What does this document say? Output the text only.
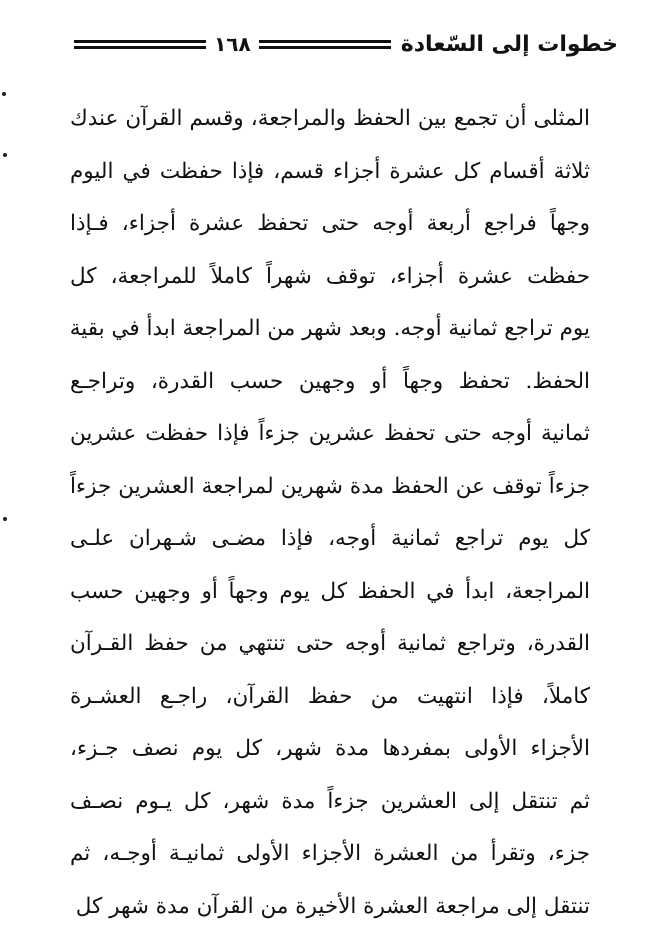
خطوات إلى السّعادة
١٦٨
المثلى أن تجمع بين الحفظ والمراجعة، وقسم القرآن عندك
ثلاثة أقسام كل عشرة أجزاء قسم، فإذا حفظت في اليوم
وجهاً فراجع أربعة أوجه حتى تحفظ عشرة أجزاء، فـإذا
حفظت عشرة أجزاء، توقف شهراً كاملاً للمراجعة، كل
يوم تراجع ثمانية أوجه. وبعد شهر من المراجعة ابدأ في بقية
الحفظ. تحفظ وجهاً أو وجهين حسب القدرة، وتراجـع
ثمانية أوجه حتى تحفظ عشرين جزءاً فإذا حفظت عشرين
جزءاً توقف عن الحفظ مدة شهرين لمراجعة العشرين جزءاً
كل يوم تراجع ثمانية أوجه، فإذا مضـى شـهران علـى
المراجعة، ابدأ في الحفظ كل يوم وجهاً أو وجهين حسب
القدرة، وتراجع ثمانية أوجه حتى تنتهي من حفظ القـرآن
كاملاً، فإذا انتهيت من حفظ القرآن، راجـع العشـرة
الأجزاء الأولى بمفردها مدة شهر، كل يوم نصف جـزء،
ثم تنتقل إلى العشرين جزءاً مدة شهر، كل يـوم نصـف
جزء، وتقرأ من العشرة الأجزاء الأولى ثمانيـة أوجـه، ثم
تنتقل إلى مراجعة العشرة الأخيرة من القرآن مدة شهر كل
